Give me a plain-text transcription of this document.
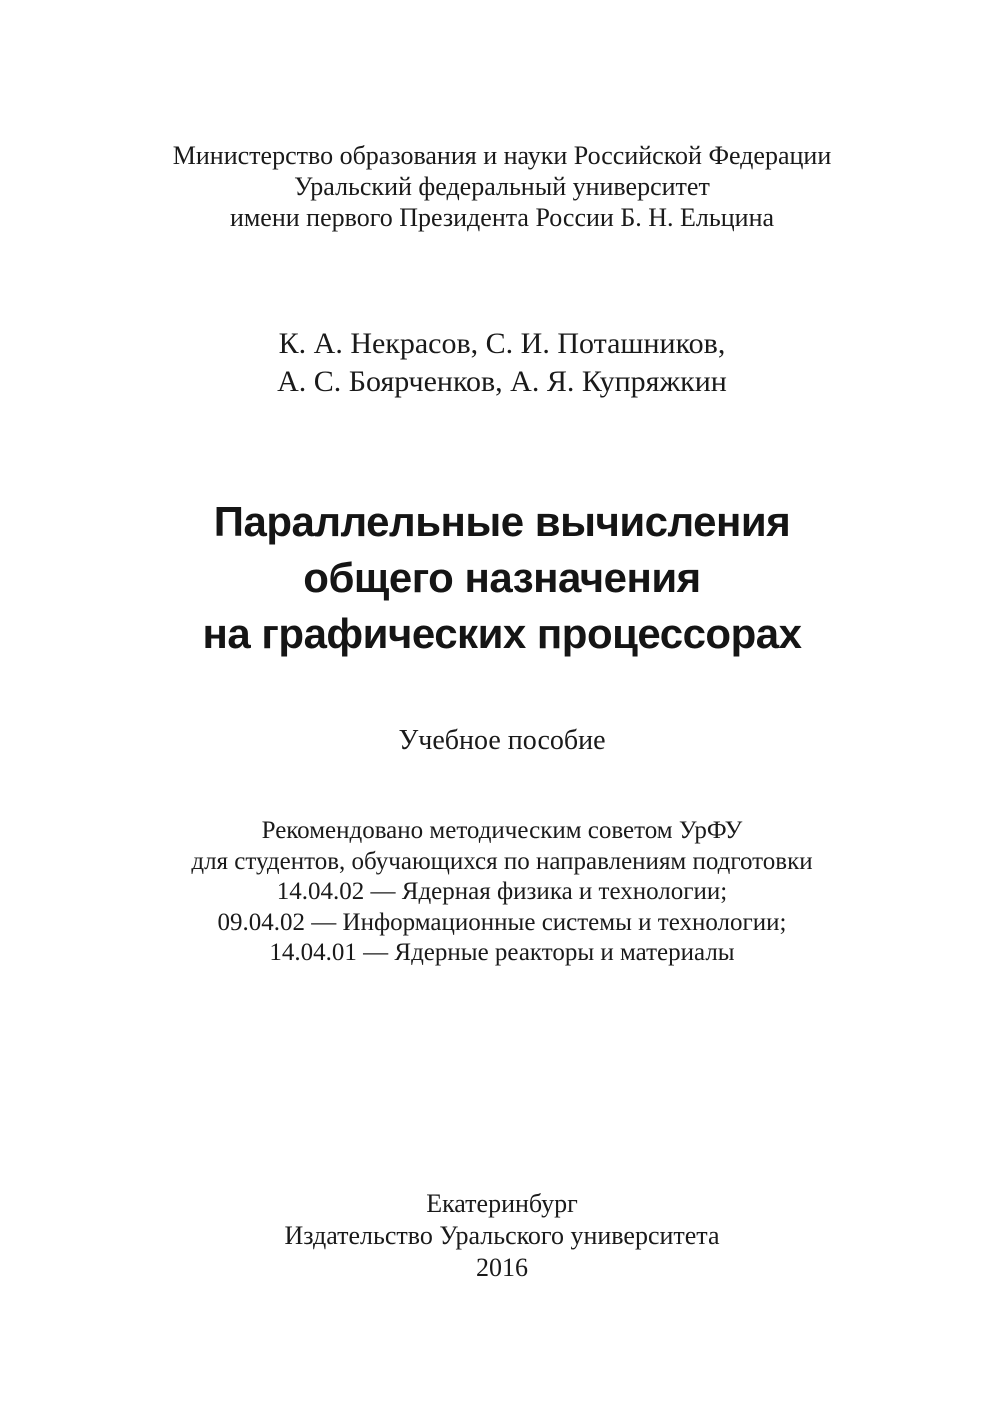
Министерство образования и науки Российской Федерации
Уральский федеральный университет
имени первого Президента России Б. Н. Ельцина
К. А. Некрасов, С. И. Поташников,
А. С. Боярченков, А. Я. Купряжкин
Параллельные вычисления
общего назначения
на графических процессорах
Учебное пособие
Рекомендовано методическим советом УрФУ
для студентов, обучающихся по направлениям подготовки
14.04.02 — Ядерная физика и технологии;
09.04.02 — Информационные системы и технологии;
14.04.01 — Ядерные реакторы и материалы
Екатеринбург
Издательство Уральского университета
2016
